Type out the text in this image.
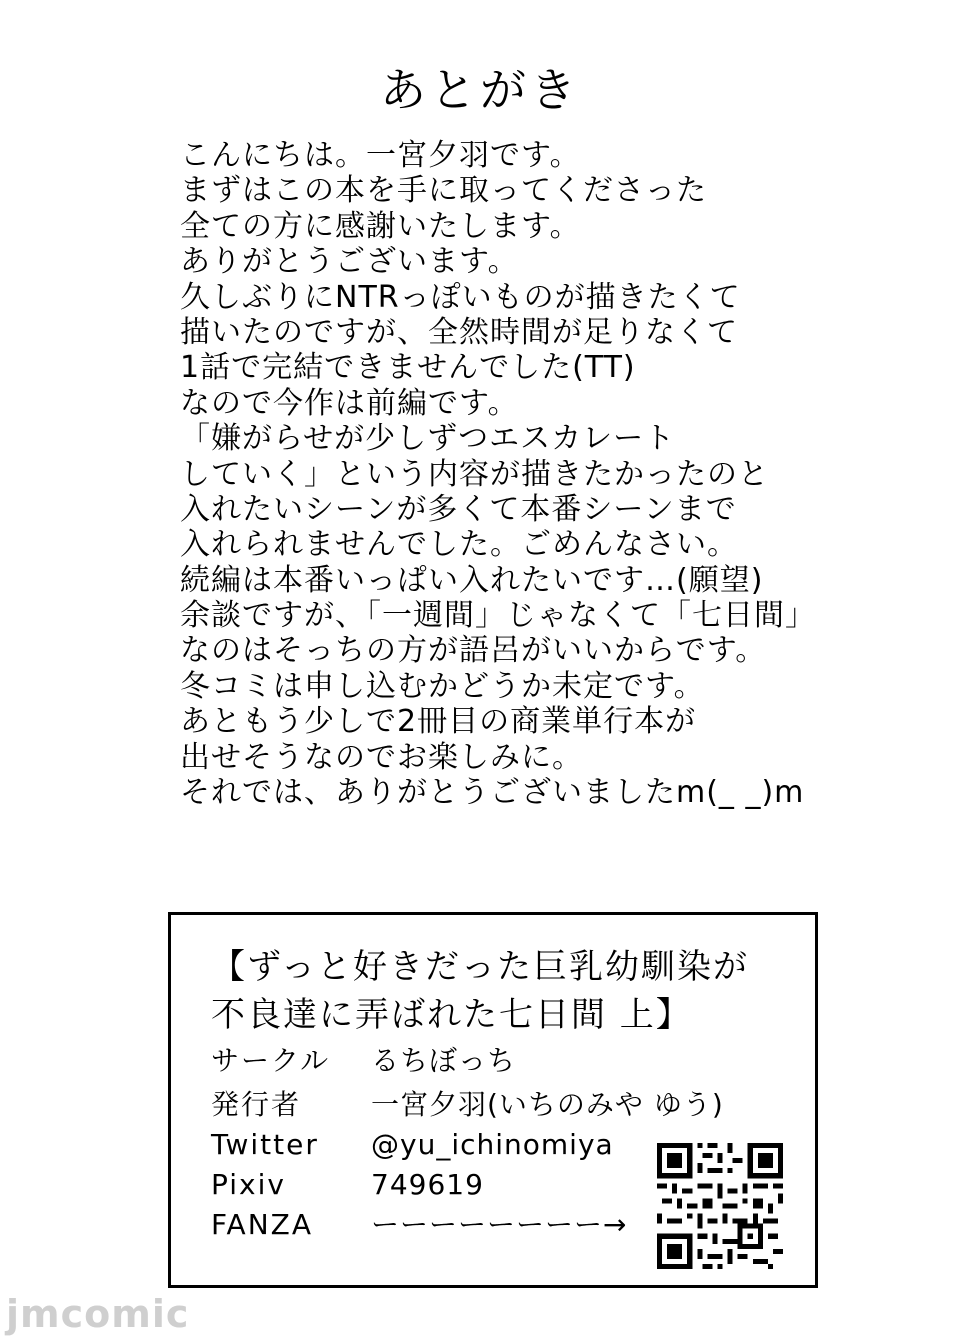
あとがき
こんにちは。一宮夕羽です。
まずはこの本を手に取ってくださった
全ての方に感謝いたします。
ありがとうございます。
久しぶりにNTRっぽいものが描きたくて
描いたのですが、全然時間が足りなくて
1話で完結できませんでした(TT)
なので今作は前編です。
「嫌がらせが少しずつエスカレート
していく」という内容が描きたかったのと
入れたいシーンが多くて本番シーンまで
入れられませんでした。ごめんなさい。
続編は本番いっぱい入れたいです…(願望)
余談ですが、「一週間」じゃなくて「七日間」
なのはそっちの方が語呂がいいからです。
冬コミは申し込むかどうか未定です。
あともう少しで2冊目の商業単行本が
出せそうなのでお楽しみに。
それでは、ありがとうございましたm(_ _)m
【ずっと好きだった巨乳幼馴染が
不良達に弄ばれた七日間 上】
サークル るちぼっち
発行者 一宮夕羽(いちのみや ゆう)
Twitter @yu_ichinomiya
Pixiv	749619
FANZA ーーーーーーーー→
jmcomic
